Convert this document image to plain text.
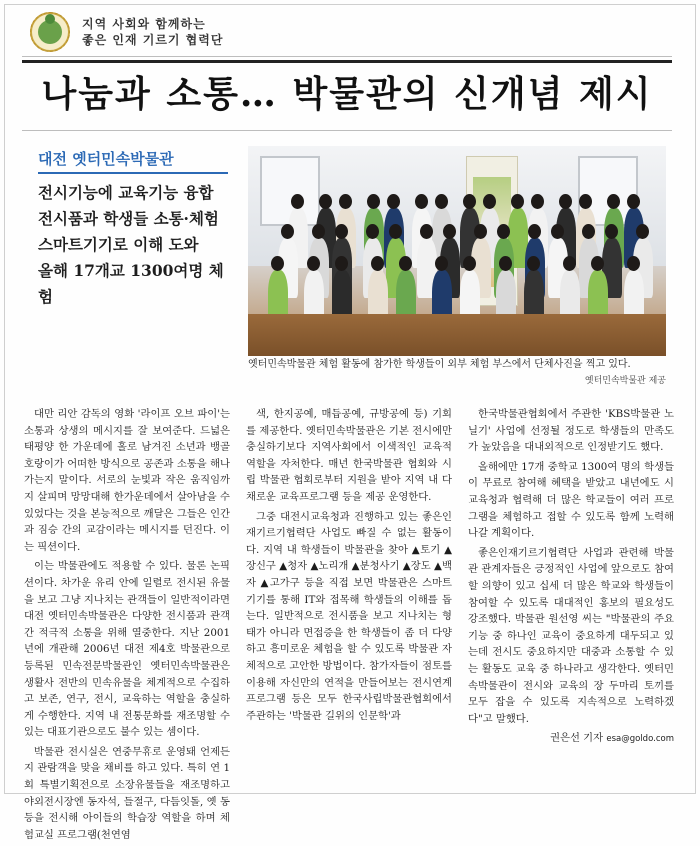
지역 사회와 함께하는
좋은 인재 기르기 협력단
나눔과 소통… 박물관의 신개념 제시
대전 옛터민속박물관
전시기능에 교육기능 융합
전시품과 학생들 소통·체험
스마트기기로 이해 도와
올해 17개교 1300여명 체험
옛터민속박물관 체험 활동에 참가한 학생들이 외부 체험 부스에서 단체사진을 찍고 있다.
옛터민속박물관 제공

대만 리안 감독의 영화 '라이프 오브 파이'는 소통과 상생의 메시지를 잘 보여준다. 드넓은 태평양 한 가운데에 홀로 남겨진 소년과 뱅골 호랑이가 어떠한 방식으로 공존과 소통을 해나가는지 말이다. 서로의 눈빛과 작은 움직임까지 살피며 망망대해 한가운데에서 살아남을 수 있었다는 것을 본능적으로 깨달은 그들은 인간과 짐승 간의 교감이라는 메시지를 던진다. 이는 픽션이다.

이는 박물관에도 적용할 수 있다. 물론 논픽션이다. 차가운 유리 안에 일렬로 전시된 유물을 보고 그냥 지나치는 관객들이 일반적이라면 대전 옛터민속박물관은 다양한 전시품과 관객 간 적극적 소통을 위해 열중한다. 지난 2001년에 개관해 2006년 대전 제4호 박물관으로 등록된 민속전문박물관인 옛터민속박물관은 생활사 전반의 민속유물을 체계적으로 수집하고 보존, 연구, 전시, 교육하는 역할을 충실하게 수행한다. 지역 내 전통문화를 재조명할 수 있는 대표기관으로도 불수 있는 셈이다.

박물관 전시실은 연중무휴로 운영돼 언제든지 관람객을 맞을 채비를 하고 있다. 특히 연 1회 특별기획전으로 소장유물들을 재조명하고 야외전시장엔 동자석, 들절구, 다듬잇돌, 옛 동 등을 전시해 아이들의 학습장 역할을 하며 체험교실 프로그램(천연염

색, 한지공예, 매듭공예, 규방공예 등) 기회를 제공한다. 옛터민속박물관은 기본 전시에만 충실하기보다 지역사회에서 이색적인 교육적 역할을 자처한다. 매년 한국박물관 협회와 시립 박물관 협회로부터 지원을 받아 지역 내 다채로운 교육프로그램 등을 제공 운영한다.

그중 대전시교육청과 진행하고 있는 좋은인재기르기협력단 사업도 빠질 수 없는 활동이다. 지역 내 학생들이 박물관을 찾아 ▲토기 ▲장신구 ▲청자 ▲노리개 ▲분청사기 ▲장도 ▲백자 ▲고가구 등을 직접 보면 박물관은 스마트 기기를 통해 IT와 접목해 학생들의 이해를 돕는다. 일반적으로 전시품을 보고 지나치는 형태가 아니라 면접증을 한 학생들이 좀 더 다양하고 흥미로운 체험을 할 수 있도록 박물관 자체적으로 고안한 방법이다. 참가자들이 점토를 이용해 자신만의 연적을 만들어보는 전시연계프로그램 등은 모두 한국사립박물관협회에서 주관하는 '박물관 길위의 인문학'과

한국박물관협회에서 주관한 'KBS박물관 노닐기' 사업에 선정될 정도로 학생들의 만족도가 높았음을 대내외적으로 인정받기도 했다.

올해에만 17개 중학교 1300여 명의 학생들이 무료로 참여해 혜택을 받았고 내년에도 시교육청과 협력해 더 많은 학교들이 여러 프로그램을 체험하고 접할 수 있도록 함께 노력해 나갈 계획이다.

좋은인재기르기협력단 사업과 관련해 박물관 관계자들은 긍정적인 사업에 앞으로도 참여할 의향이 있고 십세 더 많은 학교와 학생들이 참여할 수 있도록 대대적인 홍보의 필요성도 강조했다. 박물관 원선영 씨는 "박물관의 주요 기능 중 하나인 교육이 중요하게 대두되고 있는데 전시도 중요하지만 대중과 소통할 수 있는 활동도 교육 중 하나라고 생각한다. 옛터민속박물관이 전시와 교육의 장 두마리 토끼를 모두 잡을 수 있도록 지속적으로 노력하겠다"고 말했다.

권은선 기자 esa@goldo.com
